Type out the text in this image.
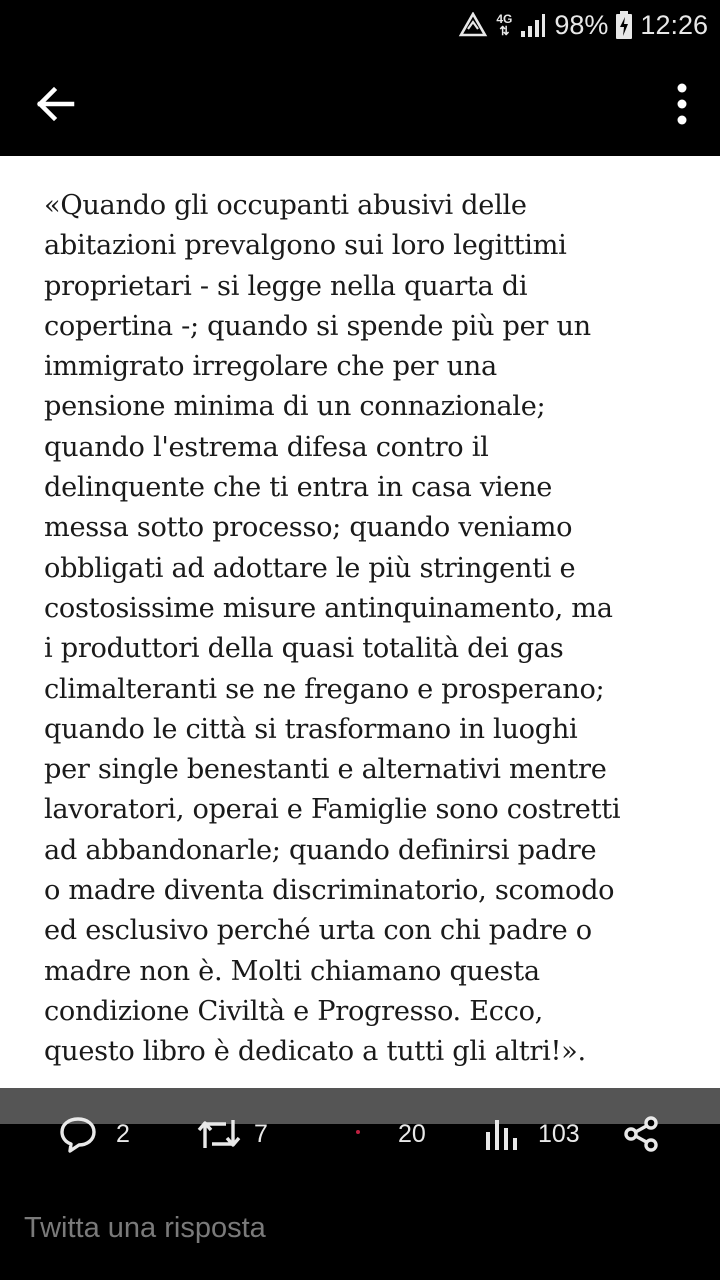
4G
⇅ 98% 12:26

«Quando gli occupanti abusivi delle
abitazioni prevalgono sui loro legittimi
proprietari - si legge nella quarta di
copertina -; quando si spende più per un
immigrato irregolare che per una
pensione minima di un connazionale;
quando l'estrema difesa contro il
delinquente che ti entra in casa viene
messa sotto processo; quando veniamo
obbligati ad adottare le più stringenti e
costosissime misure antinquinamento, ma
i produttori della quasi totalità dei gas
climalteranti se ne fregano e prosperano;
quando le città si trasformano in luoghi
per single benestanti e alternativi mentre
lavoratori, operai e Famiglie sono costretti
ad abbandonarle; quando definirsi padre
o madre diventa discriminatorio, scomodo
ed esclusivo perché urta con chi padre o
madre non è. Molti chiamano questa
condizione Civiltà e Progresso. Ecco,
questo libro è dedicato a tutti gli altri!».

2	7	20	103
Twitta una risposta
